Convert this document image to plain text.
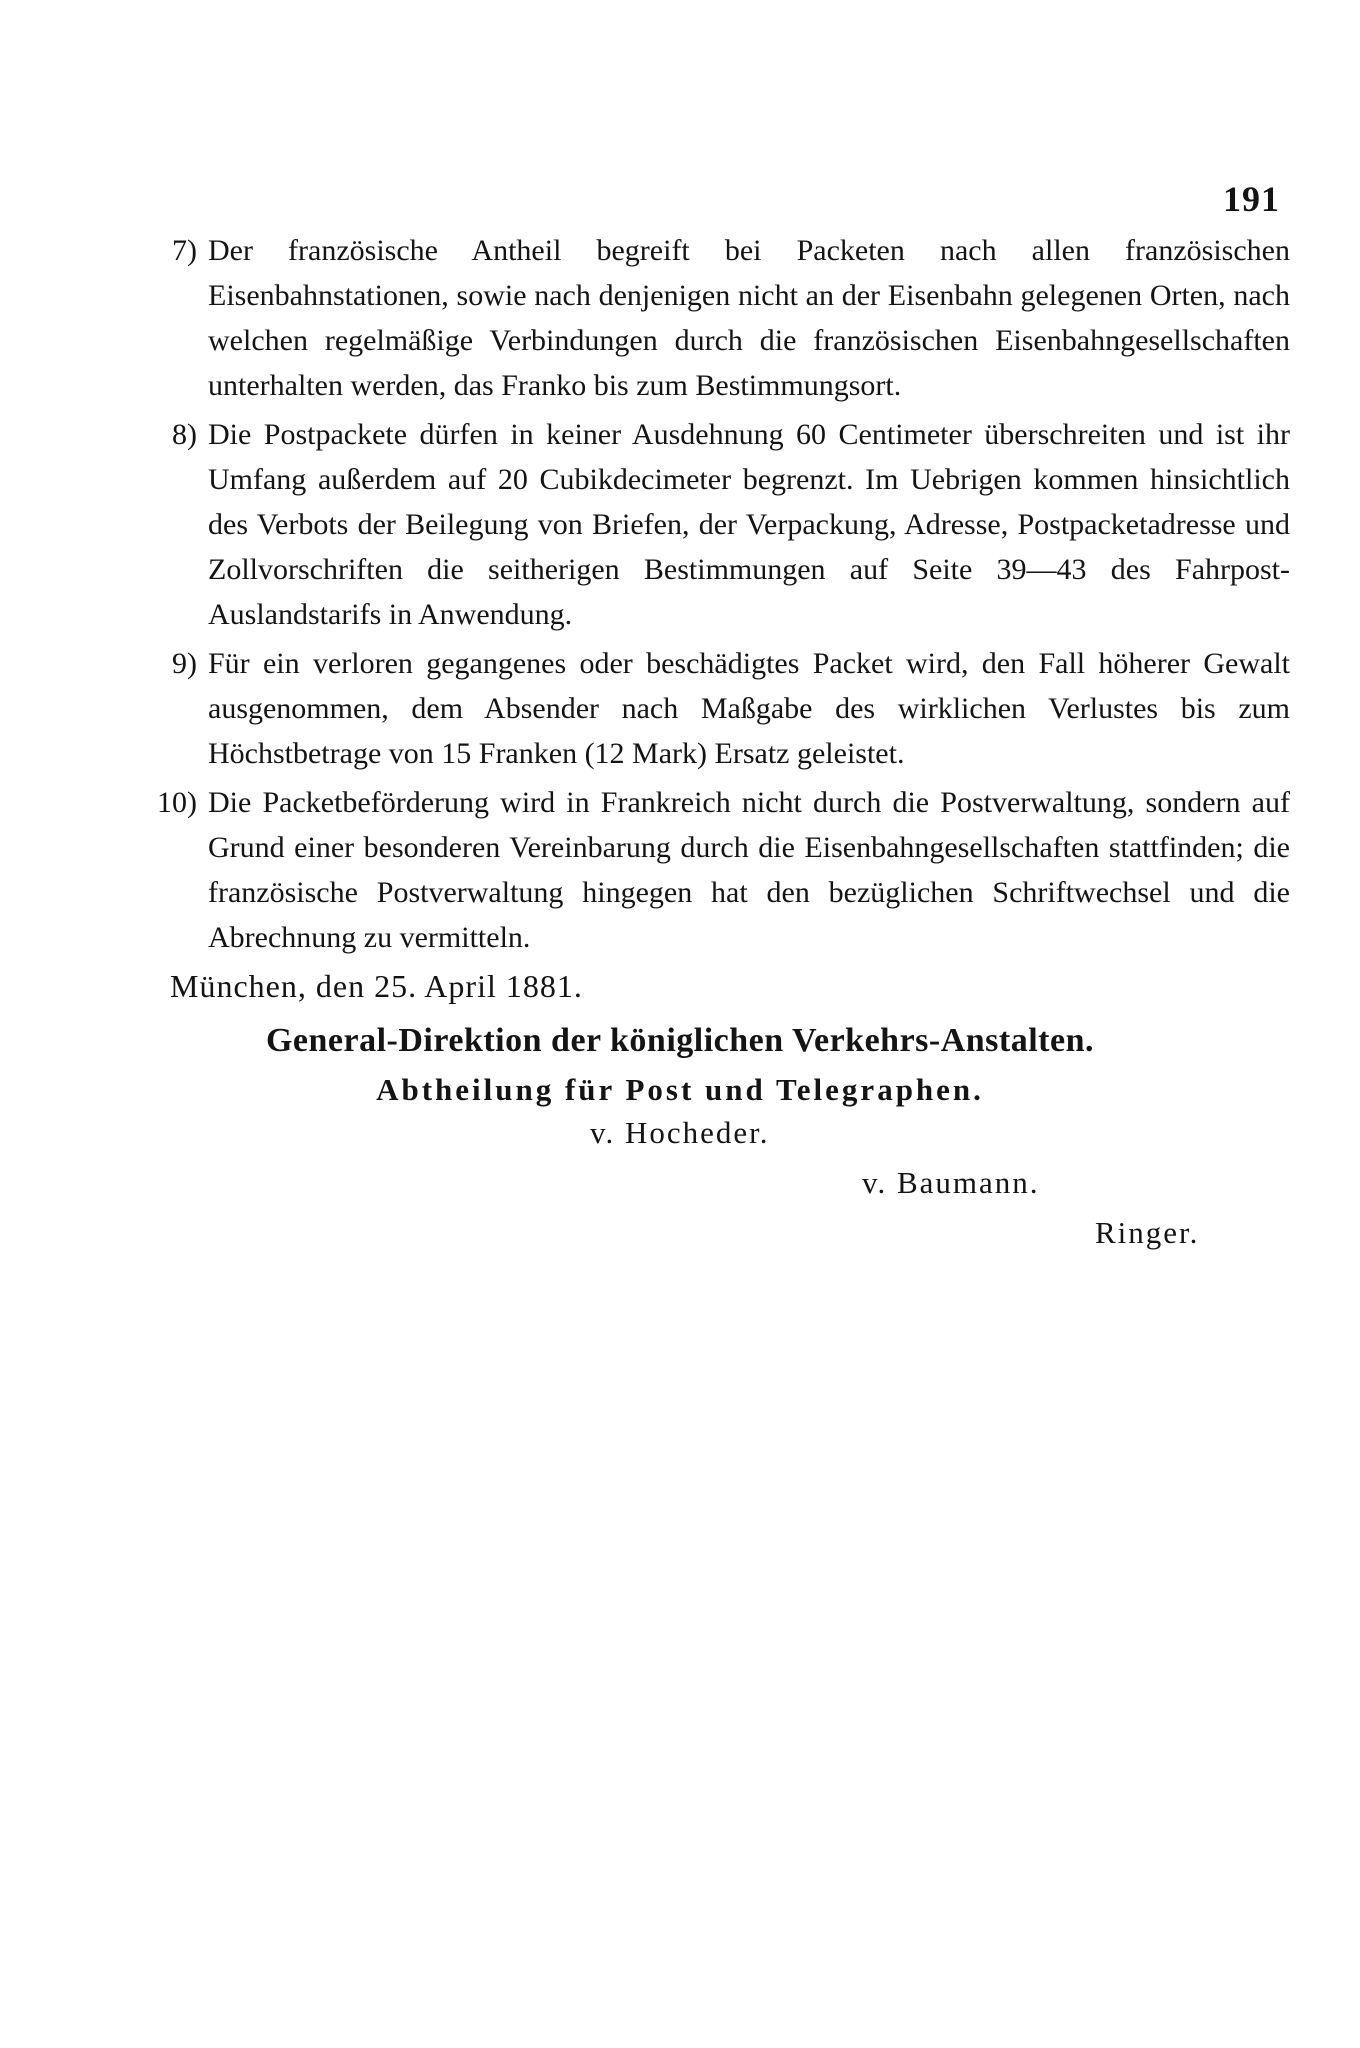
191
7) Der französische Antheil begreift bei Packeten nach allen französischen Eisenbahnstationen, sowie nach denjenigen nicht an der Eisenbahn gelegenen Orten, nach welchen regelmäßige Verbindungen durch die französischen Eisenbahngesellschaften unterhalten werden, das Franko bis zum Bestimmungsort.

8) Die Postpackete dürfen in keiner Ausdehnung 60 Centimeter überschreiten und ist ihr Umfang außerdem auf 20 Cubikdecimeter begrenzt. Im Uebrigen kommen hinsichtlich des Verbots der Beilegung von Briefen, der Verpackung, Adresse, Postpacketadresse und Zollvorschriften die seitherigen Bestimmungen auf Seite 39—43 des Fahrpost-Auslandstarifs in Anwendung.

9) Für ein verloren gegangenes oder beschädigtes Packet wird, den Fall höherer Gewalt ausgenommen, dem Absender nach Maßgabe des wirklichen Verlustes bis zum Höchstbetrage von 15 Franken (12 Mark) Ersatz geleistet.

10) Die Packetbeförderung wird in Frankreich nicht durch die Postverwaltung, sondern auf Grund einer besonderen Vereinbarung durch die Eisenbahngesellschaften stattfinden; die französische Postverwaltung hingegen hat den bezüglichen Schriftwechsel und die Abrechnung zu vermitteln.

München, den 25. April 1881.
General-Direktion der königlichen Verkehrs-Anstalten.
Abtheilung für Post und Telegraphen.
v. Hocheder.
v. Baumann.
Ringer.
